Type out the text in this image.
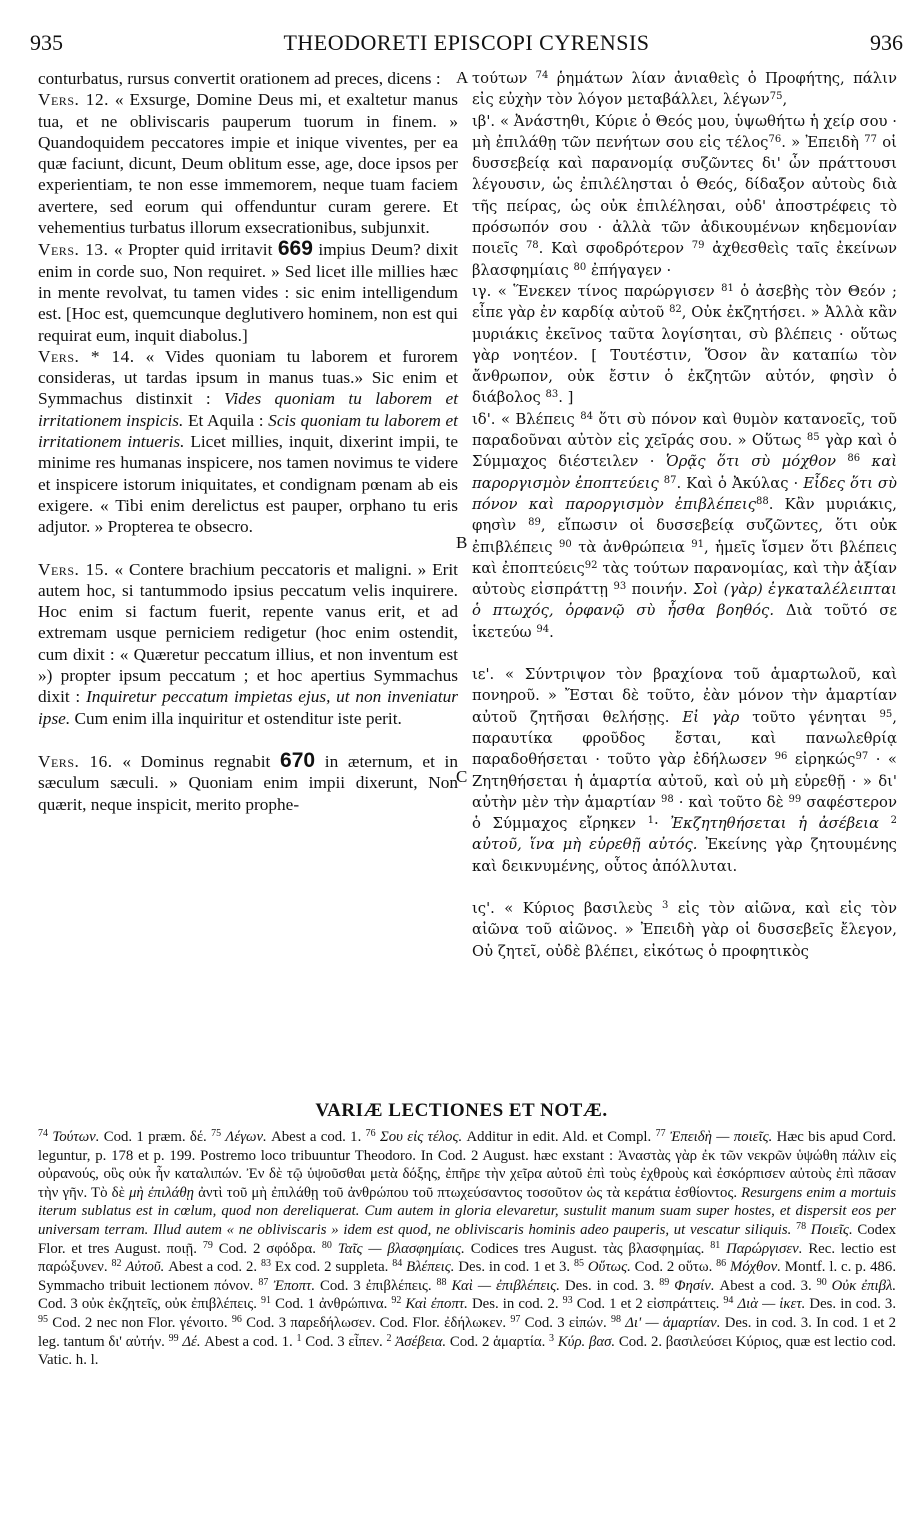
935	THEODORETI EPISCOPI CYRENSIS	936
A
B
C

conturbatus, rursus convertit orationem ad preces, dicens :

Vers. 12. « Exsurge, Domine Deus mi, et exaltetur manus tua, et ne obliviscaris pauperum tuorum in finem. » Quandoquidem peccatores impie et inique viventes, per ea quæ faciunt, dicunt, Deum oblitum esse, age, doce ipsos per experientiam, te non esse immemorem, neque tuam faciem avertere, sed eorum qui offenduntur curam gerere. Et vehementius turbatus illorum exsecrationibus, subjunxit.

Vers. 13. « Propter quid irritavit 669 impius Deum? dixit enim in corde suo, Non requiret. » Sed licet ille millies hæc in mente revolvat, tu tamen vides : sic enim intelligendum est. [Hoc est, quemcunque deglutivero hominem, non est qui requirat eum, inquit diabolus.]

Vers. * 14. « Vides quoniam tu laborem et furorem consideras, ut tardas ipsum in manus tuas.» Sic enim et Symmachus distinxit : Vides quoniam tu laborem et irritationem inspicis. Et Aquila : Scis quoniam tu laborem et irritationem intueris. Licet millies, inquit, dixerint impii, te minime res humanas inspicere, nos tamen novimus te videre et inspicere istorum iniquitates, et condignam pœnam ab eis exigere. « Tibi enim derelictus est pauper, orphano tu eris adjutor. » Propterea te obsecro.

Vers. 15. « Contere brachium peccatoris et maligni. » Erit autem hoc, si tantummodo ipsius peccatum velis inquirere. Hoc enim si factum fuerit, repente vanus erit, et ad extremam usque perniciem redigetur (hoc enim ostendit, cum dixit : « Quæretur peccatum illius, et non inventum est ») propter ipsum peccatum ; et hoc apertius Symmachus dixit : Inquiretur peccatum impietas ejus, ut non inveniatur ipse. Cum enim illa inquiritur et ostenditur iste perit.

Vers. 16. « Dominus regnabit 670 in æternum, et in sæculum sæculi. » Quoniam enim impii dixerunt, Non quærit, neque inspicit, merito prophe-

τούτων $^{74}$ ῥημάτων λίαν ἀνιαθεὶς ὁ Προφήτης, πάλιν εἰς εὐχὴν τὸν λόγον μεταβάλλει, λέγων$^{75}$,

ιβ'. « Ἀνάστηθι, Κύριε ὁ Θεός μου, ὑψωθήτω ἡ χείρ σου · μὴ ἐπιλάθῃ τῶν πενήτων σου εἰς τέλος$^{76}$. » Ἐπειδὴ $^{77}$ οἱ δυσσεβείᾳ καὶ παρανομίᾳ συζῶντες δι' ὧν πράττουσι λέγουσιν, ὡς ἐπιλέλησται ὁ Θεός, δίδαξον αὐτοὺς διὰ τῆς πείρας, ὡς οὐκ ἐπιλέλησαι, οὐδ' ἀποστρέφεις τὸ πρόσωπόν σου · ἀλλὰ τῶν ἀδικουμένων κηδεμονίαν ποιεῖς $^{78}$. Καὶ σφοδρότερον $^{79}$ ἀχθεσθεὶς ταῖς ἐκείνων βλασφημίαις $^{80}$ ἐπήγαγεν ·

ιγ. « Ἕνεκεν τίνος παρώργισεν $^{81}$ ὁ ἀσεβὴς τὸν Θεόν ; εἶπε γὰρ ἐν καρδίᾳ αὐτοῦ $^{82}$, Οὐκ ἐκζητήσει. » Ἀλλὰ κἂν μυριάκις ἐκεῖνος ταῦτα λογίσηται, σὺ βλέπεις · οὕτως γὰρ νοητέον. [ Τουτέστιν, Ὅσον ἂν καταπίω τὸν ἄνθρωπον, οὐκ ἔστιν ὁ ἐκζητῶν αὐτόν, φησὶν ὁ διάβολος $^{83}$. ]

ιδ'. « Βλέπεις $^{84}$ ὅτι σὺ πόνον καὶ θυμὸν κατανοεῖς, τοῦ παραδοῦναι αὐτὸν εἰς χεῖράς σου. » Οὕτως $^{85}$ γὰρ καὶ ὁ Σύμμαχος διέστειλεν · Ὁρᾷς ὅτι σὺ μόχθον $^{86}$ καὶ παροργισμὸν ἐποπτεύεις $^{87}$. Καὶ ὁ Ἀκύλας · Εἶδες ὅτι σὺ πόνον καὶ παροργισμὸν ἐπιβλέπεις$^{88}$. Κἂν μυριάκις, φησὶν $^{89}$, εἴπωσιν οἱ δυσσεβείᾳ συζῶντες, ὅτι οὐκ ἐπιβλέπεις $^{90}$ τὰ ἀνθρώπεια $^{91}$, ἡμεῖς ἴσμεν ὅτι βλέπεις καὶ ἐποπτεύεις$^{92}$ τὰς τούτων παρανομίας, καὶ τὴν ἀξίαν αὐτοὺς εἰσπράττῃ $^{93}$ ποινήν. Σοὶ (γὰρ) ἐγκαταλέλειπται ὁ πτωχός, ὀρφανῷ σὺ ἦσθα βοηθός. Διὰ τοῦτό σε ἱκετεύω $^{94}$.

ιε'. « Σύντριψον τὸν βραχίονα τοῦ ἁμαρτωλοῦ, καὶ πονηροῦ. » Ἔσται δὲ τοῦτο, ἐὰν μόνον τὴν ἁμαρτίαν αὐτοῦ ζητῆσαι θελήσῃς. Εἰ γὰρ τοῦτο γένηται $^{95}$, παραυτίκα φροῦδος ἔσται, καὶ πανωλεθρίᾳ παραδοθήσεται · τοῦτο γὰρ ἐδήλωσεν $^{96}$ εἰρηκώς$^{97}$ · « Ζητηθήσεται ἡ ἁμαρτία αὐτοῦ, καὶ οὐ μὴ εὑρεθῇ · » δι' αὐτὴν μὲν τὴν ἁμαρτίαν $^{98}$ · καὶ τοῦτο δὲ $^{99}$ σαφέστερον ὁ Σύμμαχος εἴρηκεν $^1$· Ἐκζητηθήσεται ἡ ἀσέβεια $^2$ αὐτοῦ, ἵνα μὴ εὑρεθῇ αὐτός. Ἐκείνης γὰρ ζητουμένης καὶ δεικνυμένης, οὗτος ἀπόλλυται.

ις'. « Κύριος βασιλεὺς $^3$ εἰς τὸν αἰῶνα, καὶ εἰς τὸν αἰῶνα τοῦ αἰῶνος. » Ἐπειδὴ γὰρ οἱ δυσσεβεῖς ἔλεγον, Οὐ ζητεῖ, οὐδὲ βλέπει, εἰκότως ὁ προφητικὸς

VARIÆ LECTIONES ET NOTÆ.
$^{74}$ Τούτων. Cod. 1 præm. δέ. $^{75}$ Λέγων. Abest a cod. 1. $^{76}$ Σου εἰς τέλος. Additur in edit. Ald. et Compl. $^{77}$ Ἐπειδὴ — ποιεῖς. Hæc bis apud Cord. leguntur, p. 178 et p. 199. Postremo loco tribuuntur Theodoro. In Cod. 2 August. hæc exstant : Ἀναστὰς γὰρ ἐκ τῶν νεκρῶν ὑψώθη πάλιν εἰς οὐρανούς, οὓς οὐκ ἦν καταλιπών. Ἐν δὲ τῷ ὑψοῦσθαι μετὰ δόξης, ἐπῆρε τὴν χεῖρα αὐτοῦ ἐπὶ τοὺς ἐχθροὺς καὶ ἐσκόρπισεν αὐτοὺς ἐπὶ πᾶσαν τὴν γῆν. Τὸ δὲ μὴ ἐπιλάθῃ ἀντὶ τοῦ μὴ ἐπιλάθῃ τοῦ ἀνθρώπου τοῦ πτωχεύσαντος τοσοῦτον ὡς τὰ κεράτια ἐσθίοντος. Resurgens enim a mortuis iterum sublatus est in cœlum, quod non dereliquerat. Cum autem in gloria elevaretur, sustulit manum suam super hostes, et dispersit eos per universam terram. Illud autem « ne obliviscaris » idem est quod, ne obliviscaris hominis adeo pauperis, ut vescatur siliquis. $^{78}$ Ποιεῖς. Codex Flor. et tres August. ποιῇ. $^{79}$ Cod. 2 σφόδρα. $^{80}$ Ταῖς — βλασφημίαις. Codices tres August. τὰς βλασφημίας. $^{81}$ Παρώργισεν. Rec. lectio est παρώξυνεν. $^{82}$ Αὐτοῦ. Abest a cod. 2. $^{83}$ Ex cod. 2 suppleta. $^{84}$ Βλέπεις. Des. in cod. 1 et 3. $^{85}$ Οὕτως. Cod. 2 οὕτω. $^{86}$ Μόχθον. Montf. l. c. p. 486. Symmacho tribuit lectionem πόνον. $^{87}$ Ἐποπτ. Cod. 3 ἐπιβλέπεις. $^{88}$ Καὶ — ἐπιβλέπεις. Des. in cod. 3. $^{89}$ Φησίν. Abest a cod. 3. $^{90}$ Οὐκ ἐπιβλ. Cod. 3 οὐκ ἐκζητεῖς, οὐκ ἐπιβλέπεις. $^{91}$ Cod. 1 ἀνθρώπινα. $^{92}$ Καὶ ἐποπτ. Des. in cod. 2. $^{93}$ Cod. 1 et 2 εἰσπράττεις. $^{94}$ Διὰ — ἱκετ. Des. in cod. 3. $^{95}$ Cod. 2 nec non Flor. γένοιτο. $^{96}$ Cod. 3 παρεδήλωσεν. Cod. Flor. ἐδήλωκεν. $^{97}$ Cod. 3 εἰπών. $^{98}$ Δι' — ἁμαρτίαν. Des. in cod. 3. In cod. 1 et 2 leg. tantum δι' αὐτήν. $^{99}$ Δέ. Abest a cod. 1. $^1$ Cod. 3 εἶπεν. $^2$ Ἀσέβεια. Cod. 2 ἁμαρτία. $^3$ Κύρ. βασ. Cod. 2. βασιλεύσει Κύριος, quæ est lectio cod. Vatic. h. l.
